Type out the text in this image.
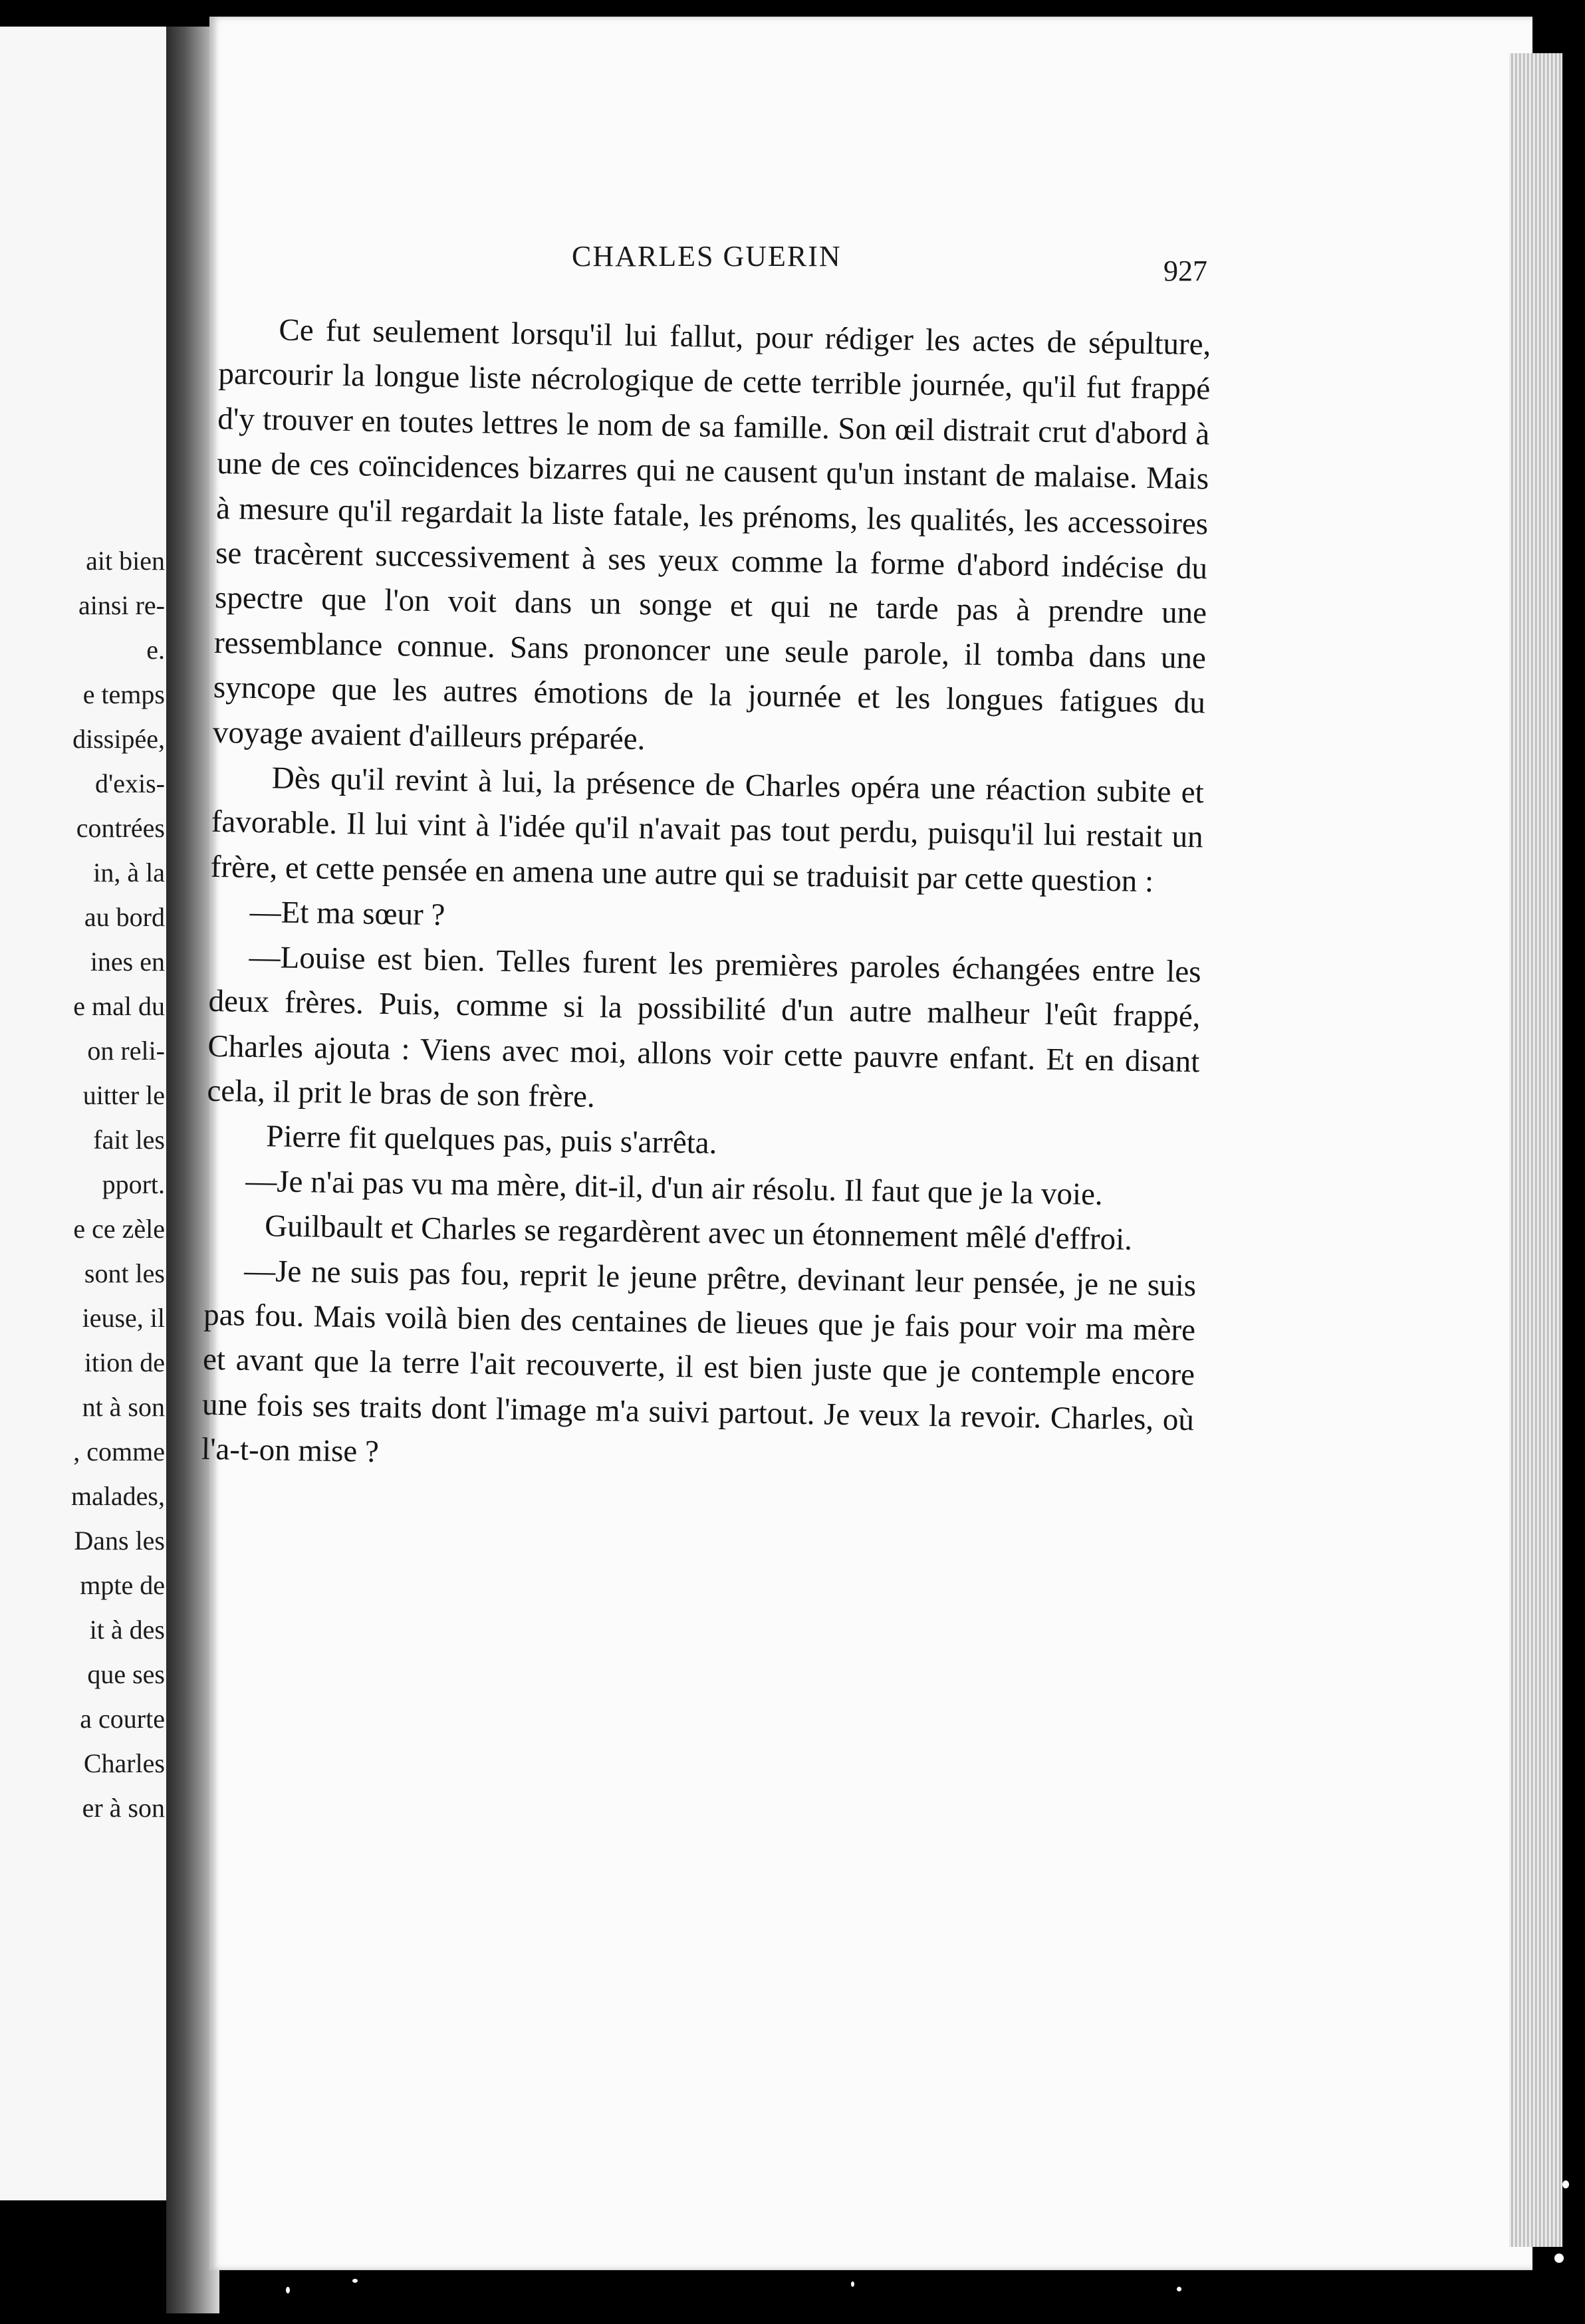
ait bien
ainsi re-
e.
e temps
dissipée,
d'exis-
contrées
in, à la
au bord
ines en
e mal du
on reli-
uitter le
fait les
pport.
e ce zèle
sont les
ieuse, il
ition de
nt à son
, comme
malades,
Dans les
mpte de
it à des
que ses
a courte
Charles
er à son
CHARLES GUERIN	927

Ce fut seulement lorsqu'il lui fallut, pour rédiger les actes de sépulture, parcourir la longue liste nécrologique de cette terrible journée, qu'il fut frappé d'y trouver en toutes lettres le nom de sa famille. Son œil distrait crut d'abord à une de ces coïncidences bizarres qui ne causent qu'un instant de malaise. Mais à mesure qu'il regardait la liste fatale, les prénoms, les qualités, les accessoires se tracèrent successivement à ses yeux comme la forme d'abord indécise du spectre que l'on voit dans un songe et qui ne tarde pas à prendre une ressemblance connue. Sans prononcer une seule parole, il tomba dans une syncope que les autres émotions de la journée et les longues fatigues du voyage avaient d'ailleurs préparée.

Dès qu'il revint à lui, la présence de Charles opéra une réaction subite et favorable. Il lui vint à l'idée qu'il n'avait pas tout perdu, puisqu'il lui restait un frère, et cette pensée en amena une autre qui se traduisit par cette question :

—Et ma sœur ?

—Louise est bien. Telles furent les premières paroles échangées entre les deux frères. Puis, comme si la possibilité d'un autre malheur l'eût frappé, Charles ajouta : Viens avec moi, allons voir cette pauvre enfant. Et en disant cela, il prit le bras de son frère.

Pierre fit quelques pas, puis s'arrêta.

—Je n'ai pas vu ma mère, dit-il, d'un air résolu. Il faut que je la voie.

Guilbault et Charles se regardèrent avec un étonnement mêlé d'effroi.

—Je ne suis pas fou, reprit le jeune prêtre, devinant leur pensée, je ne suis pas fou. Mais voilà bien des centaines de lieues que je fais pour voir ma mère et avant que la terre l'ait recouverte, il est bien juste que je contemple encore une fois ses traits dont l'image m'a suivi partout. Je veux la revoir. Charles, où l'a-t-on mise ?
